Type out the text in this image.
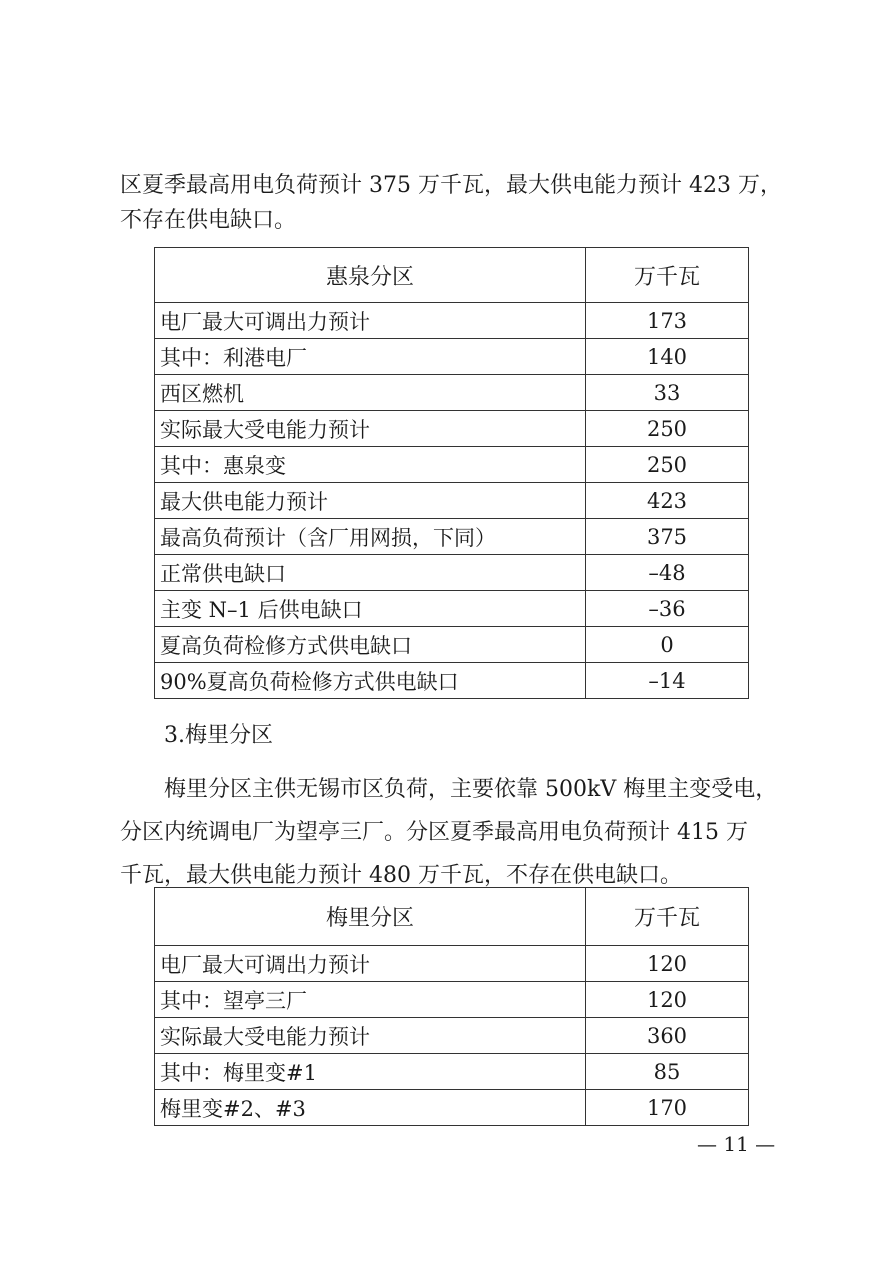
区夏季最高用电负荷预计 375 万千瓦，最大供电能力预计 423 万，
不存在供电缺口。
惠泉分区	万千瓦
电厂最大可调出力预计	173
其中：利港电厂	140
西区燃机	33
实际最大受电能力预计	250
其中：惠泉变	250
最大供电能力预计	423
最高负荷预计（含厂用网损，下同）	375
正常供电缺口	–48
主变 N–1 后供电缺口	–36
夏高负荷检修方式供电缺口	0
90%夏高负荷检修方式供电缺口	–14
3.梅里分区
梅里分区主供无锡市区负荷，主要依靠 500kV 梅里主变受电，
分区内统调电厂为望亭三厂。分区夏季最高用电负荷预计 415 万
千瓦，最大供电能力预计 480 万千瓦，不存在供电缺口。
梅里分区	万千瓦
电厂最大可调出力预计	120
其中：望亭三厂	120
实际最大受电能力预计	360
其中：梅里变#1	85
梅里变#2、#3	170
— 11 —
